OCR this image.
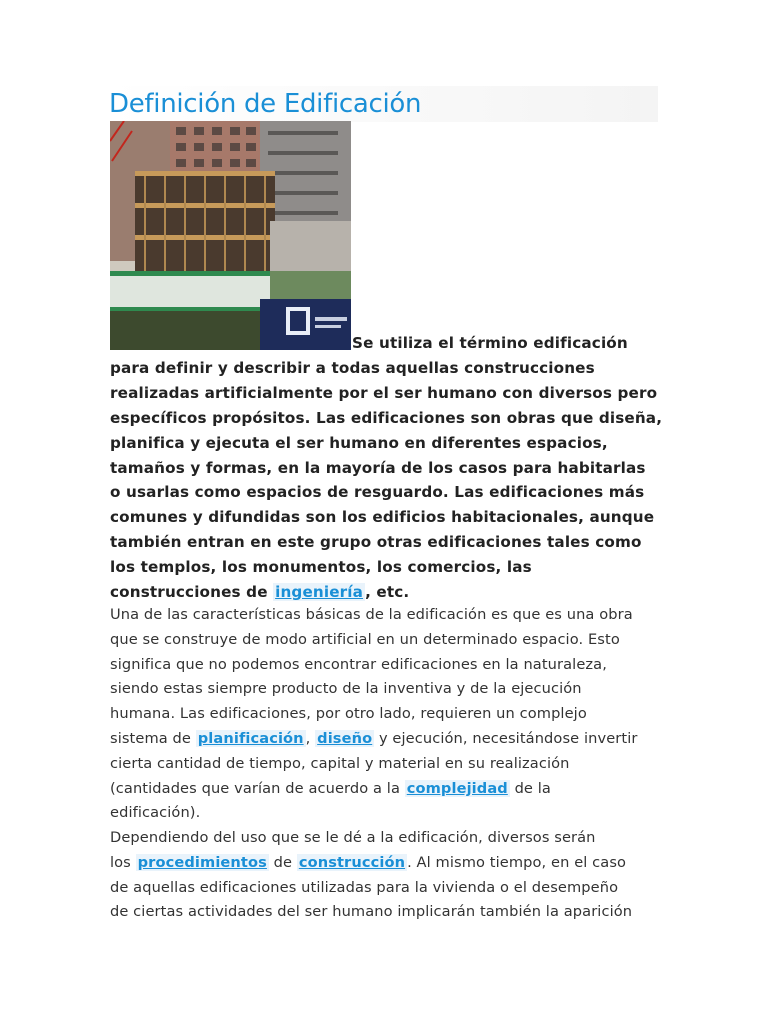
Definición de Edificación

Se utiliza el término edificación
para definir y describir a todas aquellas construcciones
realizadas artificialmente por el ser humano con diversos pero
específicos propósitos. Las edificaciones son obras que diseña,
planifica y ejecuta el ser humano en diferentes espacios,
tamaños y formas, en la mayoría de los casos para habitarlas
o usarlas como espacios de resguardo. Las edificaciones más
comunes y difundidas son los edificios habitacionales, aunque
también entran en este grupo otras edificaciones tales como
los templos, los monumentos, los comercios, las
construcciones de ingeniería , etc.

Una de las características básicas de la edificación es que es una obra
que se construye de modo artificial en un determinado espacio. Esto
significa que no podemos encontrar edificaciones en la naturaleza,
siendo estas siempre producto de la inventiva y de la ejecución
humana. Las edificaciones, por otro lado, requieren un complejo
sistema de planificación , diseño y ejecución, necesitándose invertir
cierta cantidad de tiempo, capital y material en su realización
(cantidades que varían de acuerdo a la complejidad de la
edificación).

Dependiendo del uso que se le dé a la edificación, diversos serán
los procedimientos de construcción . Al mismo tiempo, en el caso
de aquellas edificaciones utilizadas para la vivienda o el desempeño
de ciertas actividades del ser humano implicarán también la aparición
